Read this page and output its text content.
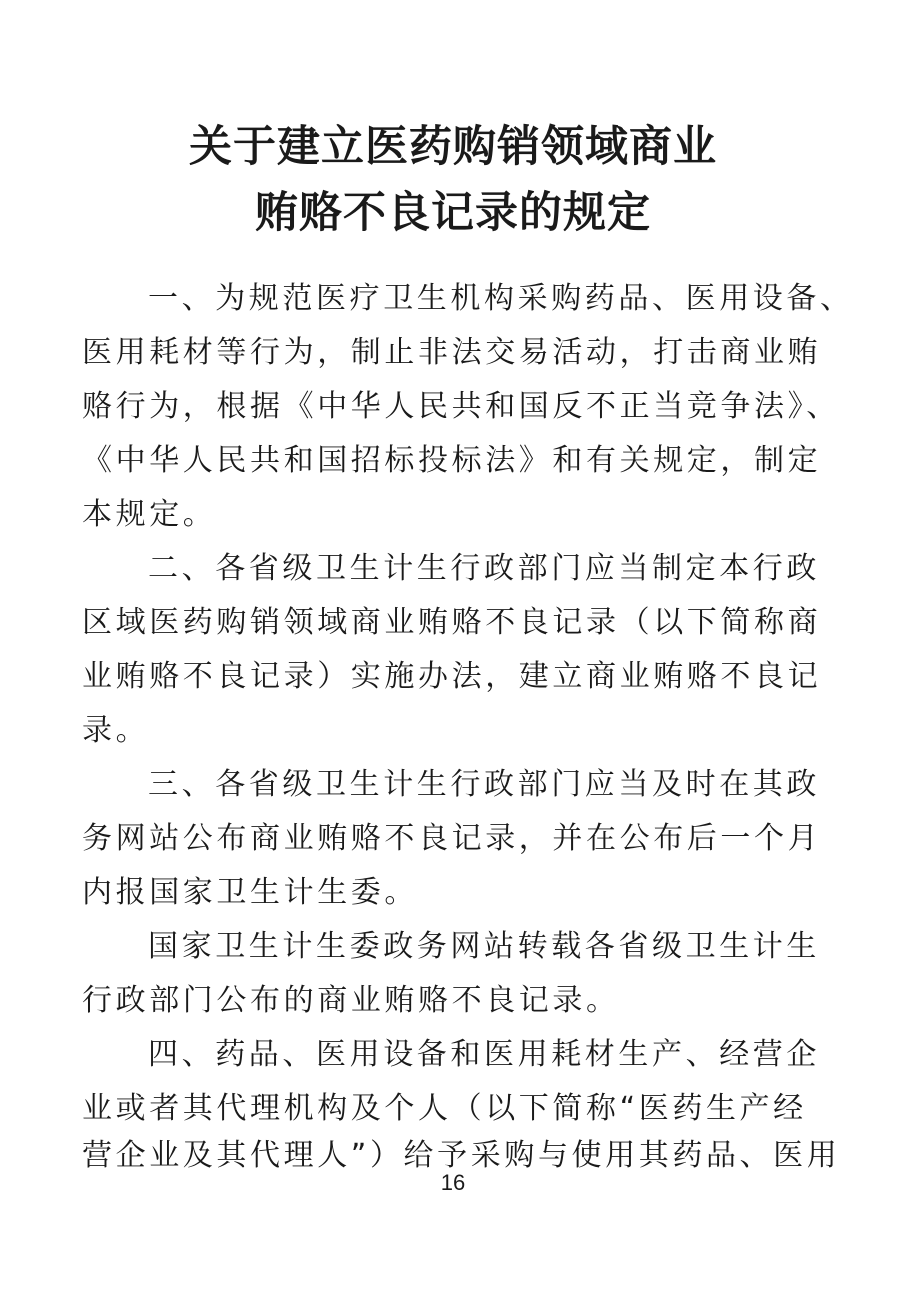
关于建立医药购销领域商业
贿赂不良记录的规定
一、为规范医疗卫生机构采购药品、医用设备、
医用耗材等行为，制止非法交易活动，打击商业贿
赂行为，根据《中华人民共和国反不正当竞争法》、
《中华人民共和国招标投标法》和有关规定，制定
本规定。
二、各省级卫生计生行政部门应当制定本行政
区域医药购销领域商业贿赂不良记录（以下简称商
业贿赂不良记录）实施办法，建立商业贿赂不良记
录。
三、各省级卫生计生行政部门应当及时在其政
务网站公布商业贿赂不良记录，并在公布后一个月
内报国家卫生计生委。
国家卫生计生委政务网站转载各省级卫生计生
行政部门公布的商业贿赂不良记录。
四、药品、医用设备和医用耗材生产、经营企
业或者其代理机构及个人（以下简称“医药生产经
营企业及其代理人”）给予采购与使用其药品、医用
16
